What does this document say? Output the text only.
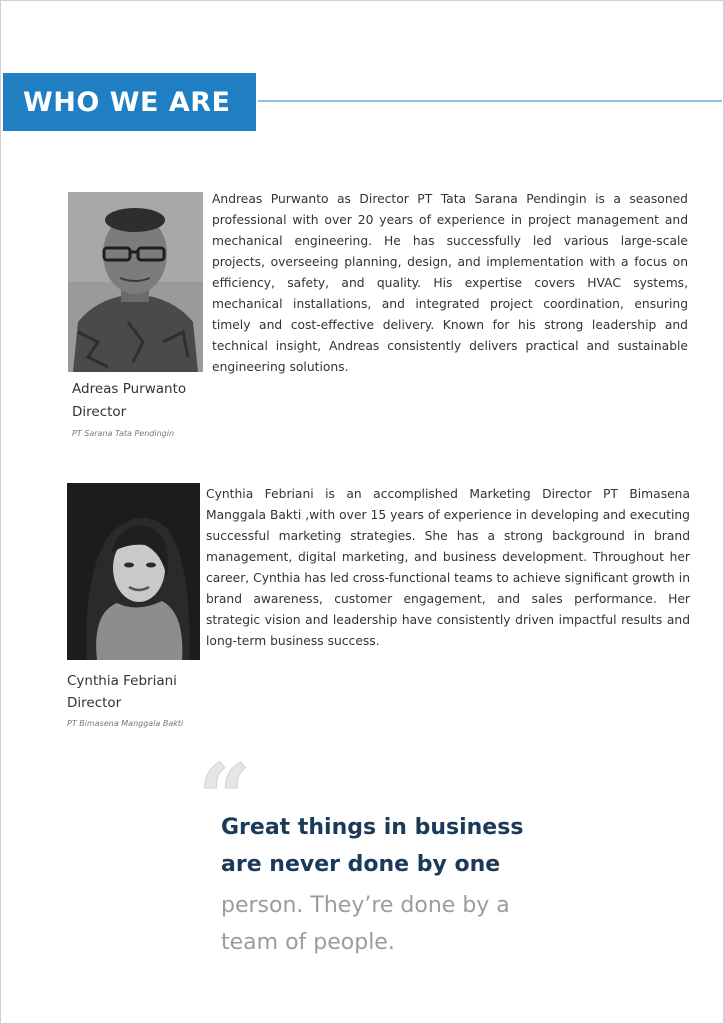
WHO WE ARE

Andreas Purwanto as Director PT Tata Sarana Pendingin is a seasoned professional with over 20 years of experience in project management and mechanical engineering. He has successfully led various large-scale projects, overseeing planning, design, and implementation with a focus on efficiency, safety, and quality. His expertise covers HVAC systems, mechanical installations, and integrated project coordination, ensuring timely and cost-effective delivery. Known for his strong leadership and technical insight, Andreas consistently delivers practical and sustainable engineering solutions.

Adreas Purwanto

Director

PT Sarana Tata Pendingin

Cynthia Febriani is an accomplished Marketing Director PT Bimasena Manggala Bakti ,with over 15 years of experience in developing and executing successful marketing strategies. She has a strong background in brand management, digital marketing, and business development. Throughout her career, Cynthia has led cross-functional teams to achieve significant growth in brand awareness, customer engagement, and sales performance. Her strategic vision and leadership have consistently driven impactful results and long-term business success.

Cynthia Febriani

Director

PT Bimasena Manggala Bakti

“

Great things in business

are never done by one

person. They’re done by a

team of people.
